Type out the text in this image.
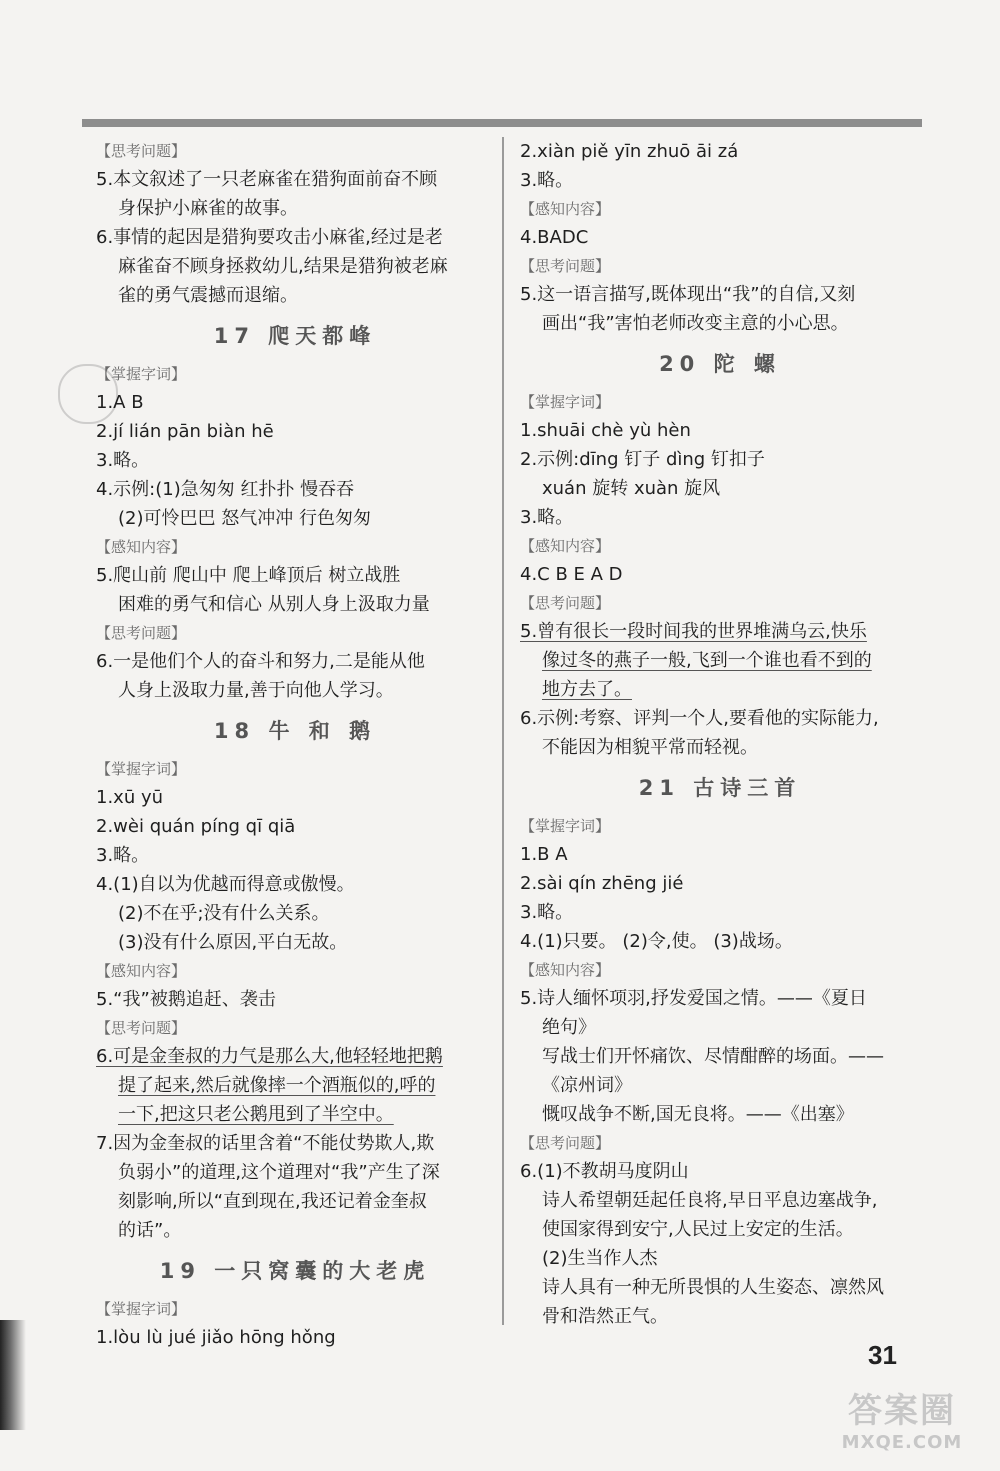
【思考问题】
5.本文叙述了一只老麻雀在猎狗面前奋不顾
身保护小麻雀的故事。
6.事情的起因是猎狗要攻击小麻雀,经过是老
麻雀奋不顾身拯救幼儿,结果是猎狗被老麻
雀的勇气震撼而退缩。
17 爬天都峰
【掌握字词】
1.A B
2.jí lián pān biàn hē
3.略。
4.示例:(1)急匆匆 红扑扑 慢吞吞
(2)可怜巴巴 怒气冲冲 行色匆匆
【感知内容】
5.爬山前 爬山中 爬上峰顶后 树立战胜
困难的勇气和信心 从别人身上汲取力量
【思考问题】
6.一是他们个人的奋斗和努力,二是能从他
人身上汲取力量,善于向他人学习。
18 牛 和 鹅
【掌握字词】
1.xū yū
2.wèi quán píng qī qiā
3.略。
4.(1)自以为优越而得意或傲慢。
(2)不在乎;没有什么关系。
(3)没有什么原因,平白无故。
【感知内容】
5.“我”被鹅追赶、袭击
【思考问题】
6.可是金奎叔的力气是那么大,他轻轻地把鹅
提了起来,然后就像摔一个酒瓶似的,呼的
一下,把这只老公鹅甩到了半空中。
7.因为金奎叔的话里含着“不能仗势欺人,欺
负弱小”的道理,这个道理对“我”产生了深
刻影响,所以“直到现在,我还记着金奎叔
的话”。
19 一只窝囊的大老虎
【掌握字词】
1.lòu lù jué jiǎo hōng hǒng
2.xiàn piě yīn zhuō āi zá
3.略。
【感知内容】
4.BADC
【思考问题】
5.这一语言描写,既体现出“我”的自信,又刻
画出“我”害怕老师改变主意的小心思。
20 陀 螺
【掌握字词】
1.shuāi chè yù hèn
2.示例:dīng 钉子 dìng 钉扣子
xuán 旋转 xuàn 旋风
3.略。
【感知内容】
4.C B E A D
【思考问题】
5.曾有很长一段时间我的世界堆满乌云,快乐
像过冬的燕子一般,飞到一个谁也看不到的
地方去了。
6.示例:考察、评判一个人,要看他的实际能力,
不能因为相貌平常而轻视。
21 古诗三首
【掌握字词】
1.B A
2.sài qín zhēng jié
3.略。
4.(1)只要。 (2)令,使。 (3)战场。
【感知内容】
5.诗人缅怀项羽,抒发爱国之情。——《夏日
绝句》
写战士们开怀痛饮、尽情酣醉的场面。——
《凉州词》
慨叹战争不断,国无良将。——《出塞》
【思考问题】
6.(1)不教胡马度阴山
诗人希望朝廷起任良将,早日平息边塞战争,
使国家得到安宁,人民过上安定的生活。
(2)生当作人杰
诗人具有一种无所畏惧的人生姿态、凛然风
骨和浩然正气。
31
答案圈
MXQE.COM
